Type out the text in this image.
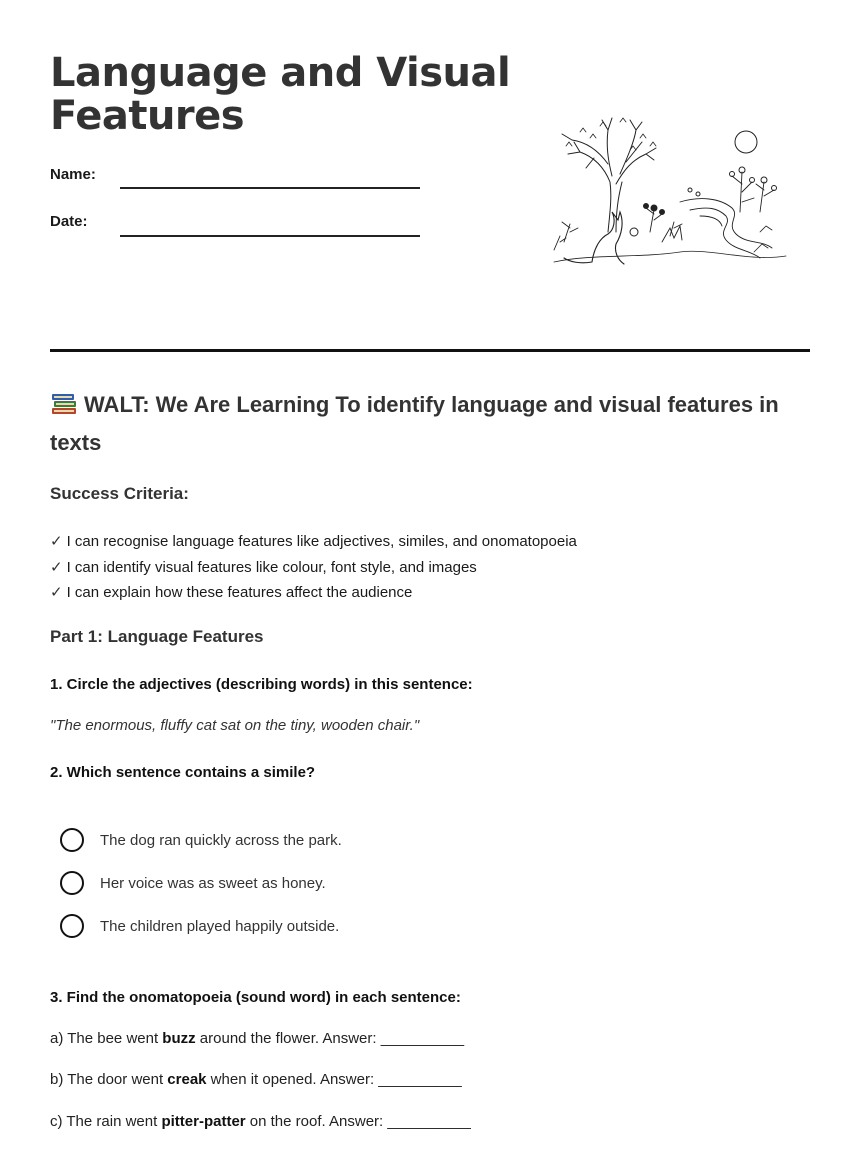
Language and Visual
Features
Name:
Date:
WALT: We Are Learning To identify language and visual features in texts
Success Criteria:
✓ I can recognise language features like adjectives, similes, and onomatopoeia
✓ I can identify visual features like colour, font style, and images
✓ I can explain how these features affect the audience
Part 1: Language Features

1. Circle the adjectives (describing words) in this sentence:

"The enormous, fluffy cat sat on the tiny, wooden chair."

2. Which sentence contains a simile?

The dog ran quickly across the park.
Her voice was as sweet as honey.
The children played happily outside.

3. Find the onomatopoeia (sound word) in each sentence:

a) The bee went buzz around the flower. Answer: __________

b) The door went creak when it opened. Answer: __________

c) The rain went pitter-patter on the roof. Answer: __________
